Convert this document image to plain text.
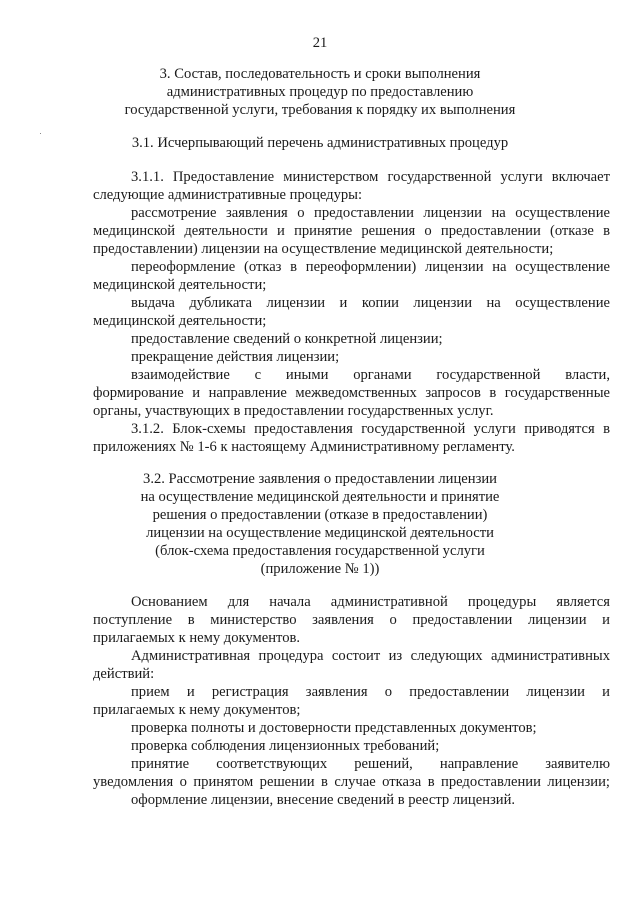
21
3. Состав, последовательность и сроки выполнения
административных процедур по предоставлению
государственной услуги, требования к порядку их выполнения
3.1. Исчерпывающий перечень административных процедур
3.1.1. Предоставление министерством государственной услуги включает
следующие административные процедуры:
рассмотрение заявления о предоставлении лицензии на осуществление
медицинской деятельности и принятие решения о предоставлении (отказе в
предоставлении) лицензии на осуществление медицинской деятельности;
переоформление (отказ в переоформлении) лицензии на осуществление
медицинской деятельности;
выдача дубликата лицензии и копии лицензии на осуществление
медицинской деятельности;
предоставление сведений о конкретной лицензии;
прекращение действия лицензии;
взаимодействие с иными органами государственной власти,
формирование и направление межведомственных запросов в государственные
органы, участвующих в предоставлении государственных услуг.
3.1.2. Блок-схемы предоставления государственной услуги приводятся в
приложениях № 1-6 к настоящему Административному регламенту.
3.2. Рассмотрение заявления о предоставлении лицензии
на осуществление медицинской деятельности и принятие
решения о предоставлении (отказе в предоставлении)
лицензии на осуществление медицинской деятельности
(блок-схема предоставления государственной услуги
(приложение № 1))
Основанием для начала административной процедуры является
поступление в министерство заявления о предоставлении лицензии и
прилагаемых к нему документов.
Административная процедура состоит из следующих административных
действий:
прием и регистрация заявления о предоставлении лицензии и
прилагаемых к нему документов;
проверка полноты и достоверности представленных документов;
проверка соблюдения лицензионных требований;
принятие соответствующих решений, направление заявителю
уведомления о принятом решении в случае отказа в предоставлении лицензии;
оформление лицензии, внесение сведений в реестр лицензий.
